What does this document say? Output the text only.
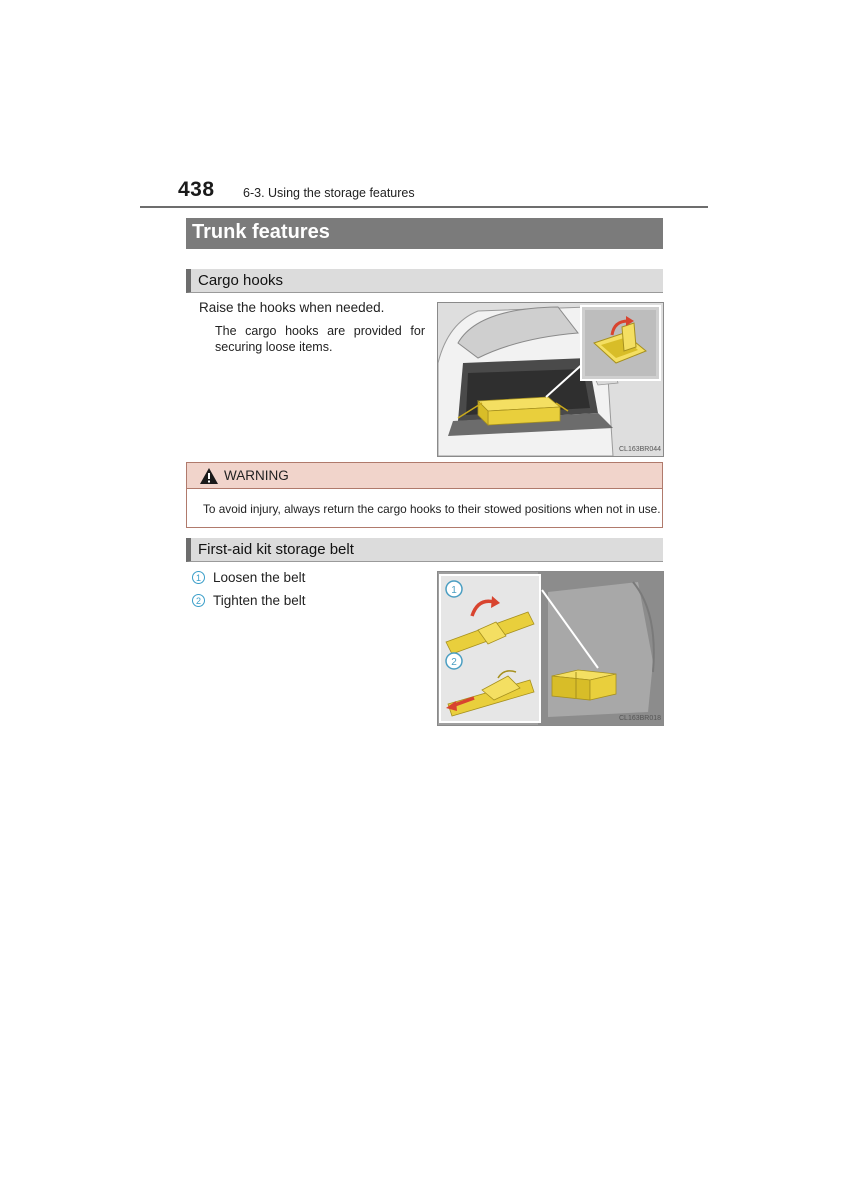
438 6-3. Using the storage features
Trunk features
Cargo hooks
Raise the hooks when needed.
The cargo hooks are provided for securing loose items.
CL163BR044
WARNING
To avoid injury, always return the cargo hooks to their stowed positions when not in use.
First-aid kit storage belt
1 Loosen the belt
2 Tighten the belt
1
2
CL163BR018
